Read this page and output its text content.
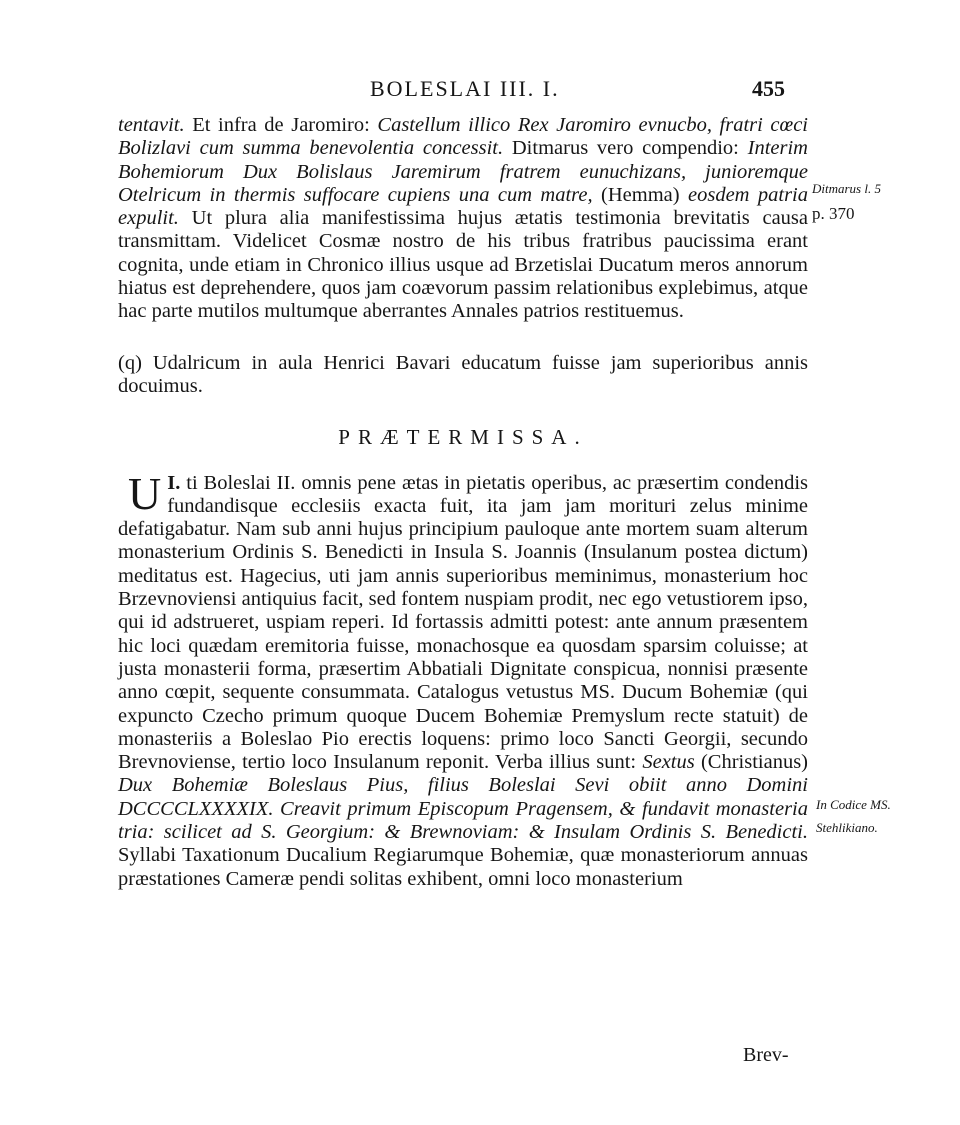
BOLESLAI III. I.	455
Ditmarus l. 5
p. 370
In Codice MS.
Stehlikiano.

tentavit. Et infra de Jaromiro: Castellum illico Rex Jaromiro evnucbo, fratri cœci Bolizlavi cum summa benevolentia concessit. Ditmarus vero compendio: Interim Bohemiorum Dux Bolislaus Jaremirum fratrem eunuchizans, junioremque Otelricum in thermis suffocare cupiens una cum matre, (Hemma) eosdem patria expulit. Ut plura alia manifestissima hujus ætatis testimonia brevitatis causa transmittam. Videlicet Cosmæ nostro de his tribus fratribus paucissima erant cognita, unde etiam in Chronico illius usque ad Brzetislai Ducatum meros annorum hiatus est deprehendere, quos jam coævorum passim relationibus explebimus, atque hac parte mutilos multumque aberrantes Annales patrios restituemus.

(q) Udalricum in aula Henrici Bavari educatum fuisse jam superioribus annis docuimus.

PRÆTERMISSA.

I.
U ti Boleslai II. omnis pene ætas in pietatis operibus, ac præsertim condendis fundandisque ecclesiis exacta fuit, ita jam jam morituri zelus minime defatigabatur. Nam sub anni hujus principium pauloque ante mortem suam alterum monasterium Ordinis S. Benedicti in Insula S. Joannis (Insulanum postea dictum) meditatus est. Hagecius, uti jam annis superioribus meminimus, monasterium hoc Brzevnoviensi antiquius facit, sed fontem nuspiam prodit, nec ego vetustiorem ipso, qui id adstrueret, uspiam reperi. Id fortassis admitti potest: ante annum præsentem hic loci quædam eremitoria fuisse, monachosque ea quosdam sparsim coluisse; at justa monasterii forma, præsertim Abbatiali Dignitate conspicua, nonnisi præsente anno cœpit, sequente consummata. Catalogus vetustus MS. Ducum Bohemiæ (qui expuncto Czecho primum quoque Ducem Bohemiæ Premyslum recte statuit) de monasteriis a Boleslao Pio erectis loquens: primo loco Sancti Georgii, secundo Brevnoviense, tertio loco Insulanum reponit. Verba illius sunt: Sextus (Christianus) Dux Bohemiæ Boleslaus Pius, filius Boleslai Sevi obiit anno Domini DCCCCLXXXXIX. Creavit primum Episcopum Pragensem, & fundavit monasteria tria: scilicet ad S. Georgium: & Brewnoviam: & Insulam Ordinis S. Benedicti. Syllabi Taxationum Ducalium Regiarumque Bohemiæ, quæ monasteriorum annuas præstationes Cameræ pendi solitas exhibent, omni loco monasterium

Brev-
